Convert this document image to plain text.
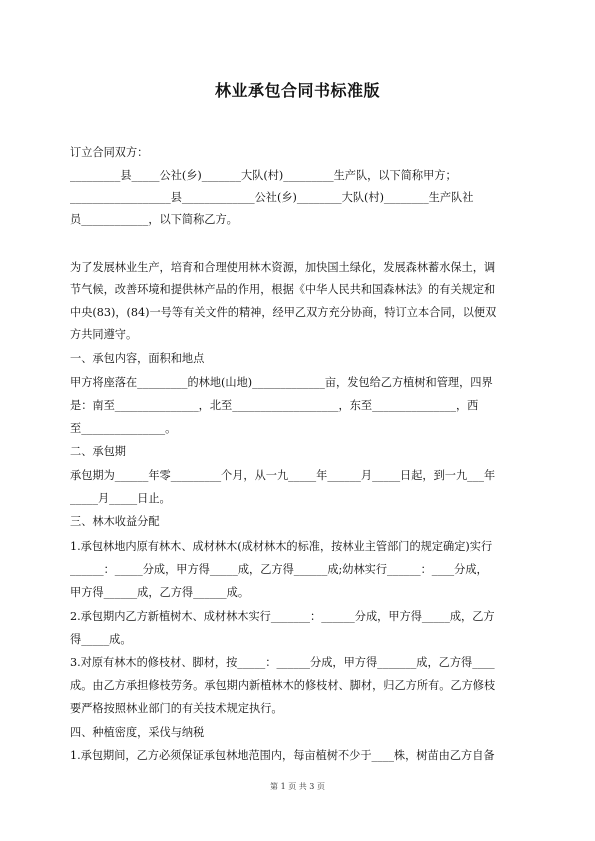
林业承包合同书标准版
订立合同双方：
_________县_____公社(乡)_______大队(村)_________生产队，以下简称甲方；
__________________县_____________公社(乡)________大队(村)________生产队社
员____________，以下简称乙方。
为了发展林业生产，培育和合理使用林木资源，加快国土绿化，发展森林蓄水保土，调
节气候，改善环境和提供林产品的作用，根据《中华人民共和国森林法》的有关规定和
中央(83)，(84)一号等有关文件的精神，经甲乙双方充分协商，特订立本合同，以便双
方共同遵守。
一、承包内容，面积和地点
甲方将座落在_________的林地(山地)_____________亩，发包给乙方植树和管理，四界
是：南至_______________，北至___________________，东至_______________，西
至_______________。
二、承包期
承包期为______年零_________个月，从一九_____年______月_____日起，到一九___年
_____月_____日止。
三、林木收益分配
1.承包林地内原有林木、成材林木(成材林木的标准，按林业主管部门的规定确定)实行
______：_____分成，甲方得_____成，乙方得______成;幼林实行______：____分成，
甲方得______成，乙方得______成。
2.承包期内乙方新植树木、成材林木实行_______：______分成，甲方得_____成，乙方
得_____成。
3.对原有林木的修枝材、脚材，按_____：______分成，甲方得_______成，乙方得____
成。由乙方承担修枝劳务。承包期内新植林木的修枝材、脚材，归乙方所有。乙方修枝
要严格按照林业部门的有关技术规定执行。
四、种植密度，采伐与纳税
1.承包期间，乙方必须保证承包林地范围内，每亩植树不少于____株，树苗由乙方自备
第 1 页 共 3 页
